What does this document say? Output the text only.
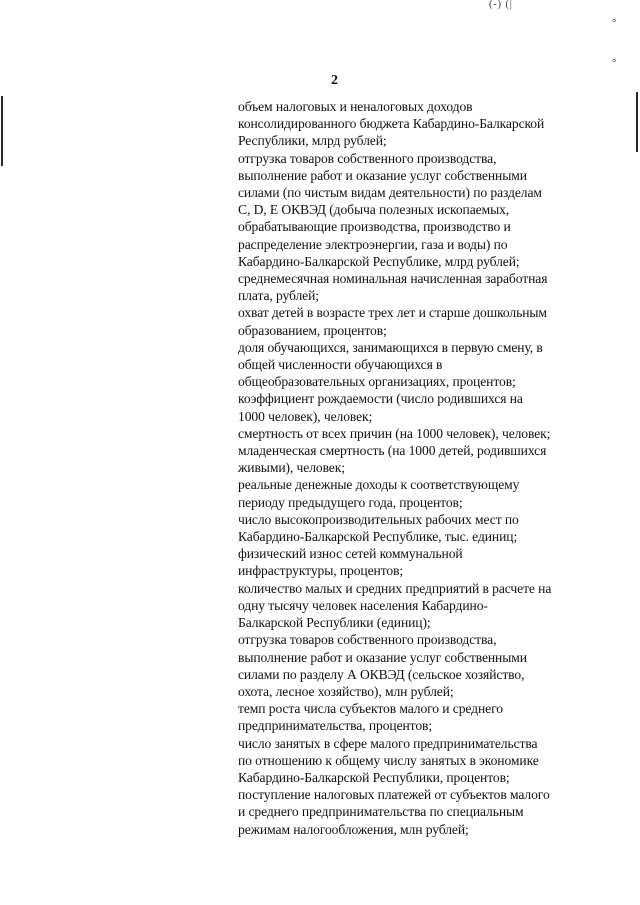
(-) (|
°
°
2
объем налоговых и неналоговых доходов
консолидированного бюджета Кабардино-Балкарской
Республики, млрд рублей;
отгрузка товаров собственного производства,
выполнение работ и оказание услуг собственными
силами (по чистым видам деятельности) по разделам
C, D, E ОКВЭД (добыча полезных ископаемых,
обрабатывающие производства, производство и
распределение электроэнергии, газа и воды) по
Кабардино-Балкарской Республике, млрд рублей;
среднемесячная номинальная начисленная заработная
плата, рублей;
охват детей в возрасте трех лет и старше дошкольным
образованием, процентов;
доля обучающихся, занимающихся в первую смену, в
общей численности обучающихся в
общеобразовательных организациях, процентов;
коэффициент рождаемости (число родившихся на
1000 человек), человек;
смертность от всех причин (на 1000 человек), человек;
младенческая смертность (на 1000 детей, родившихся
живыми), человек;
реальные денежные доходы к соответствующему
периоду предыдущего года, процентов;
число высокопроизводительных рабочих мест по
Кабардино-Балкарской Республике, тыс. единиц;
физический износ сетей коммунальной
инфраструктуры, процентов;
количество малых и средних предприятий в расчете на
одну тысячу человек населения Кабардино-
Балкарской Республики (единиц);
отгрузка товаров собственного производства,
выполнение работ и оказание услуг собственными
силами по разделу А ОКВЭД (сельское хозяйство,
охота, лесное хозяйство), млн рублей;
темп роста числа субъектов малого и среднего
предпринимательства, процентов;
число занятых в сфере малого предпринимательства
по отношению к общему числу занятых в экономике
Кабардино-Балкарской Республики, процентов;
поступление налоговых платежей от субъектов малого
и среднего предпринимательства по специальным
режимам налогообложения, млн рублей;
